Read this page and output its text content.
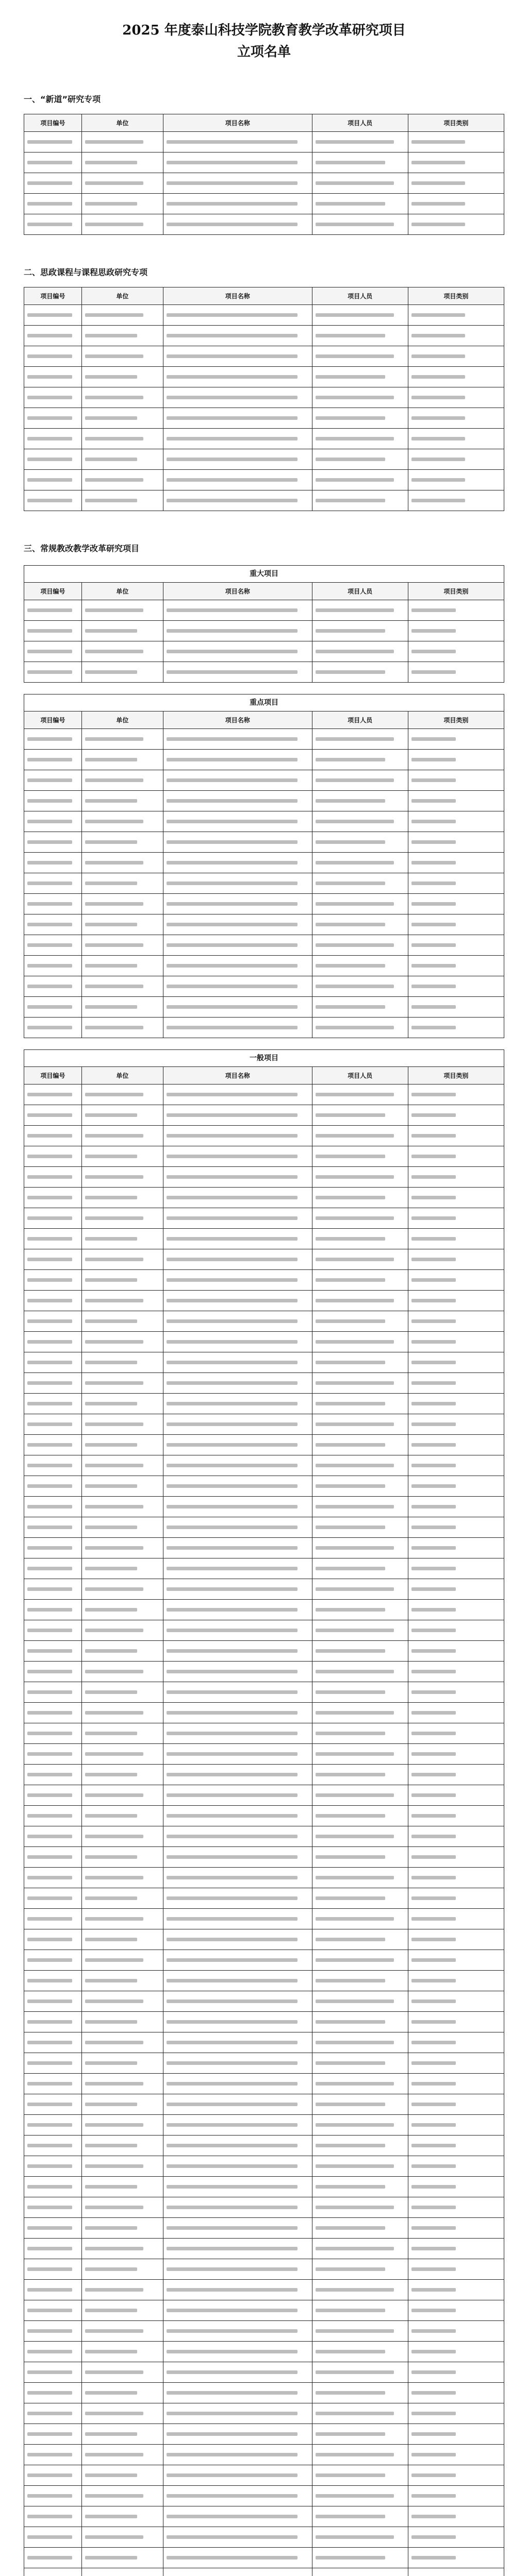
2025 年度泰山科技学院教育教学改革研究项目
立项名单
一、“新道”研究专项
项目编号	单位	项目名称	项目人员	项目类别

二、思政课程与课程思政研究专项
项目编号	单位	项目名称	项目人员	项目类别

三、常规教改教学改革研究项目
重大项目
项目编号	单位	项目名称	项目人员	项目类别

重点项目
项目编号	单位	项目名称	项目人员	项目类别

一般项目
项目编号	单位	项目名称	项目人员	项目类别
